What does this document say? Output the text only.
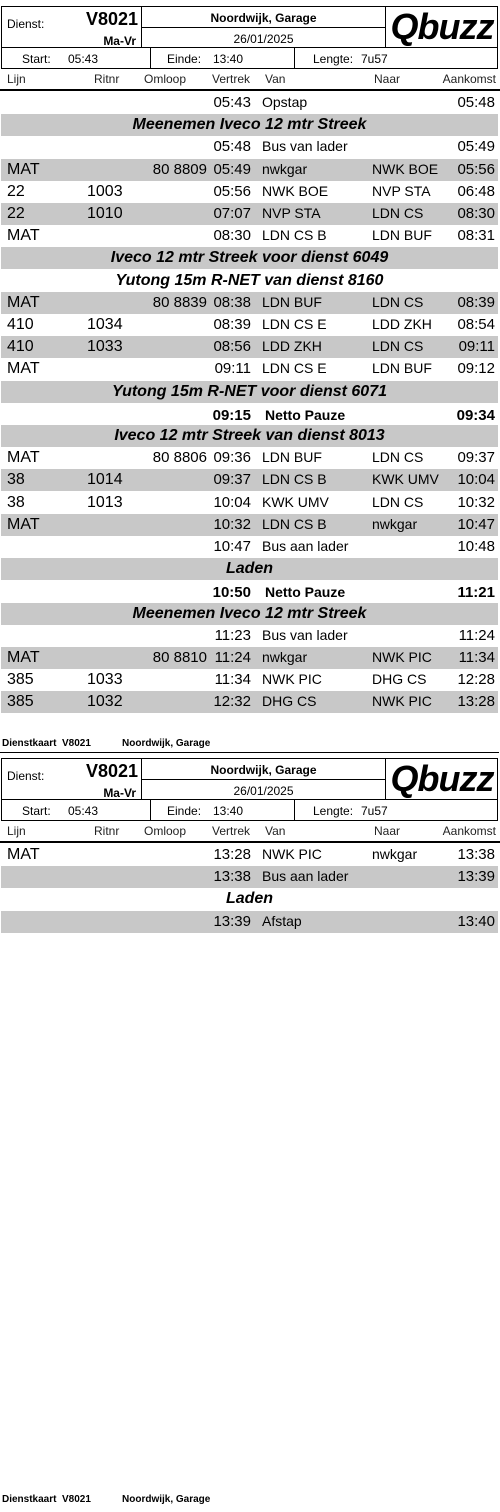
Dienst: V8021
Ma-Vr
Noordwijk, Garage
26/01/2025	Qbuzz
Start: 05:43	Einde: 13:40	Lengte: 7u57
Lijn	Ritnr Omloop Vertrek Van	Naar	Aankomst
05:43 Opstap	05:48
Meenemen Iveco 12 mtr Streek
05:48 Bus van lader	05:49
MAT	80 8809 05:49 nwkgar	NWK BOE 05:56
22	1003	05:56 NWK BOE	NVP STA 06:48
22	1010	07:07 NVP STA	LDN CS 08:30
MAT	08:30 LDN CS B	LDN BUF 08:31
Iveco 12 mtr Streek voor dienst 6049
Yutong 15m R-NET van dienst 8160
MAT	80 8839 08:38 LDN BUF	LDN CS 08:39
410	1034	08:39 LDN CS E	LDD ZKH 08:54
410	1033	08:56 LDD ZKH	LDN CS 09:11
MAT	09:11 LDN CS E	LDN BUF 09:12
Yutong 15m R-NET voor dienst 6071
09:15 Netto Pauze	09:34
Iveco 12 mtr Streek van dienst 8013
MAT	80 8806 09:36 LDN BUF	LDN CS 09:37
38	1014	09:37 LDN CS B	KWK UMV 10:04
38	1013	10:04 KWK UMV	LDN CS 10:32
MAT	10:32 LDN CS B	nwkgar	10:47
10:47 Bus aan lader	10:48
Laden
10:50 Netto Pauze	11:21
Meenemen Iveco 12 mtr Streek
11:23 Bus van lader	11:24
MAT	80 8810 11:24 nwkgar	NWK PIC 11:34
385	1033	11:34 NWK PIC	DHG CS 12:28
385	1032	12:32 DHG CS	NWK PIC 13:28
Dienstkaart V8021	Noordwijk, Garage
Dienst: V8021
Ma-Vr
Noordwijk, Garage
26/01/2025	Qbuzz
Start: 05:43	Einde: 13:40	Lengte: 7u57
Lijn	Ritnr Omloop Vertrek Van	Naar	Aankomst
MAT	13:28 NWK PIC	nwkgar	13:38
13:38 Bus aan lader	13:39
Laden
13:39 Afstap	13:40
Dienstkaart V8021	Noordwijk, Garage
